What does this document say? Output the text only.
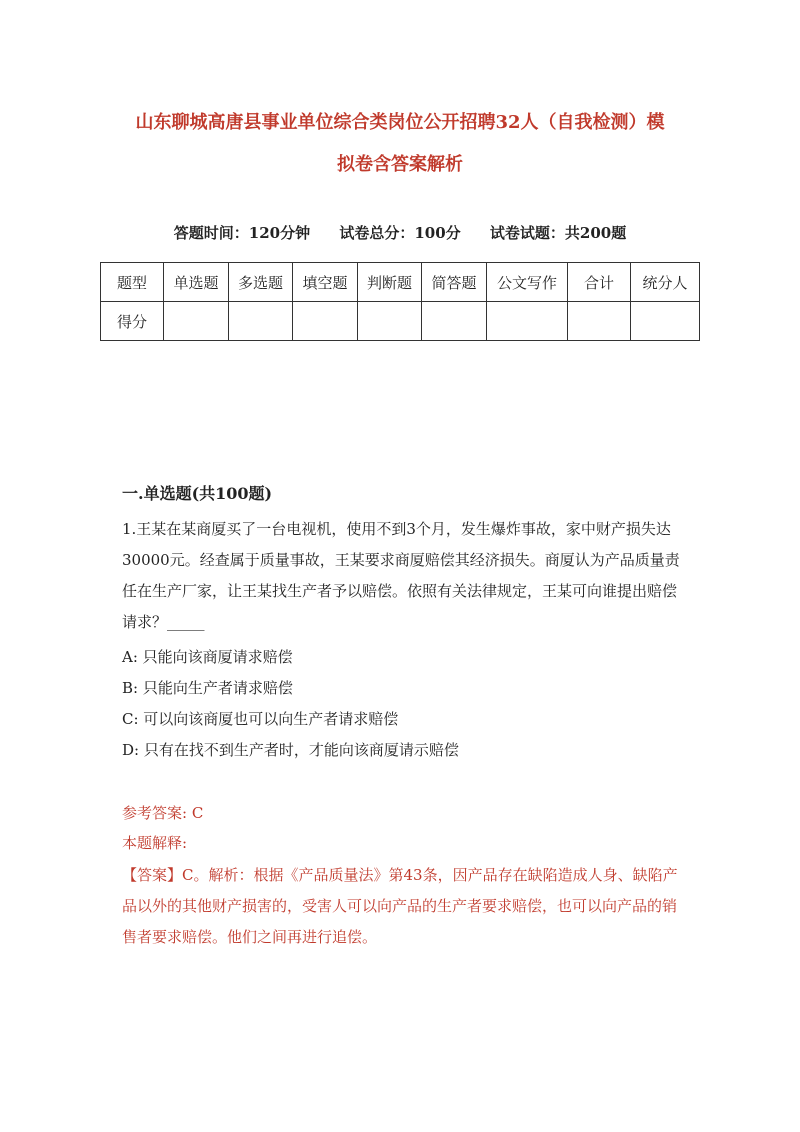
山东聊城高唐县事业单位综合类岗位公开招聘32人（自我检测）模
拟卷含答案解析
答题时间：120分钟 试卷总分：100分 试卷试题：共200题
题型	单选题	多选题	填空题	判断题	简答题	公文写作	合计	统分人
得分								
一.单选题(共100题)
1.王某在某商厦买了一台电视机，使用不到3个月，发生爆炸事故，家中财产损失达30000元。经查属于质量事故，王某要求商厦赔偿其经济损失。商厦认为产品质量责任在生产厂家，让王某找生产者予以赔偿。依照有关法律规定，王某可向谁提出赔偿请求？_____
A: 只能向该商厦请求赔偿
B: 只能向生产者请求赔偿
C: 可以向该商厦也可以向生产者请求赔偿
D: 只有在找不到生产者时，才能向该商厦请示赔偿
参考答案: C
本题解释:
【答案】C。解析：根据《产品质量法》第43条，因产品存在缺陷造成人身、缺陷产品以外的其他财产损害的，受害人可以向产品的生产者要求赔偿，也可以向产品的销售者要求赔偿。他们之间再进行追偿。
